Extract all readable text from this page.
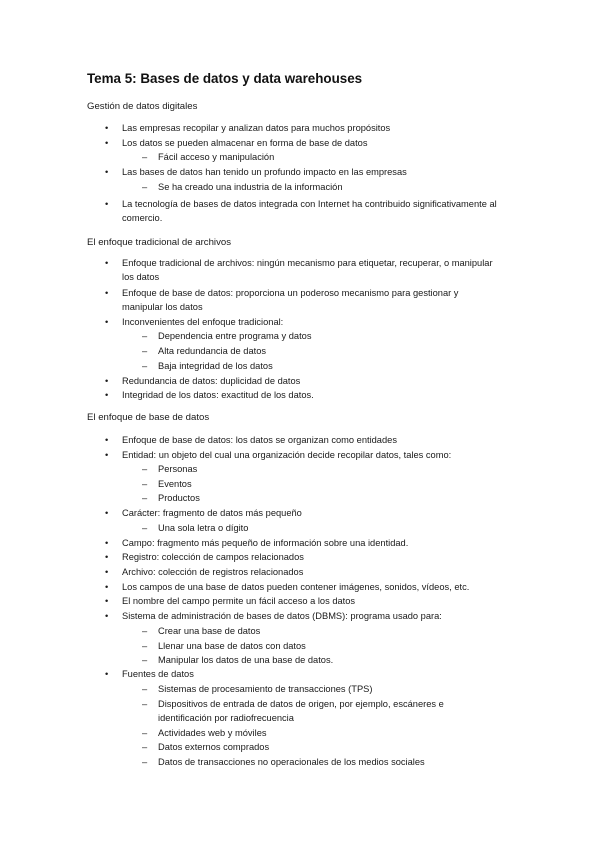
Tema 5: Bases de datos y data warehouses
Gestión de datos digitales
• Las empresas recopilar y analizan datos para muchos propósitos
• Los datos se pueden almacenar en forma de base de datos
– Fácil acceso y manipulación
• Las bases de datos han tenido un profundo impacto en las empresas
– Se ha creado una industria de la información
• La tecnología de bases de datos integrada con Internet ha contribuido significativamente al comercio.
El enfoque tradicional de archivos
• Enfoque tradicional de archivos: ningún mecanismo para etiquetar, recuperar, o manipular los datos
• Enfoque de base de datos: proporciona un poderoso mecanismo para gestionar y manipular los datos
• Inconvenientes del enfoque tradicional:
– Dependencia entre programa y datos
– Alta redundancia de datos
– Baja integridad de los datos
• Redundancia de datos: duplicidad de datos
• Integridad de los datos: exactitud de los datos.
El enfoque de base de datos
• Enfoque de base de datos: los datos se organizan como entidades
• Entidad: un objeto del cual una organización decide recopilar datos, tales como:
– Personas
– Eventos
– Productos
• Carácter: fragmento de datos más pequeño
– Una sola letra o dígito
• Campo: fragmento más pequeño de información sobre una identidad.
• Registro: colección de campos relacionados
• Archivo: colección de registros relacionados
• Los campos de una base de datos pueden contener imágenes, sonidos, vídeos, etc.
• El nombre del campo permite un fácil acceso a los datos
• Sistema de administración de bases de datos (DBMS): programa usado para:
– Crear una base de datos
– Llenar una base de datos con datos
– Manipular los datos de una base de datos.
• Fuentes de datos
– Sistemas de procesamiento de transacciones (TPS)
– Dispositivos de entrada de datos de origen, por ejemplo, escáneres e identificación por radiofrecuencia
– Actividades web y móviles
– Datos externos comprados
– Datos de transacciones no operacionales de los medios sociales
